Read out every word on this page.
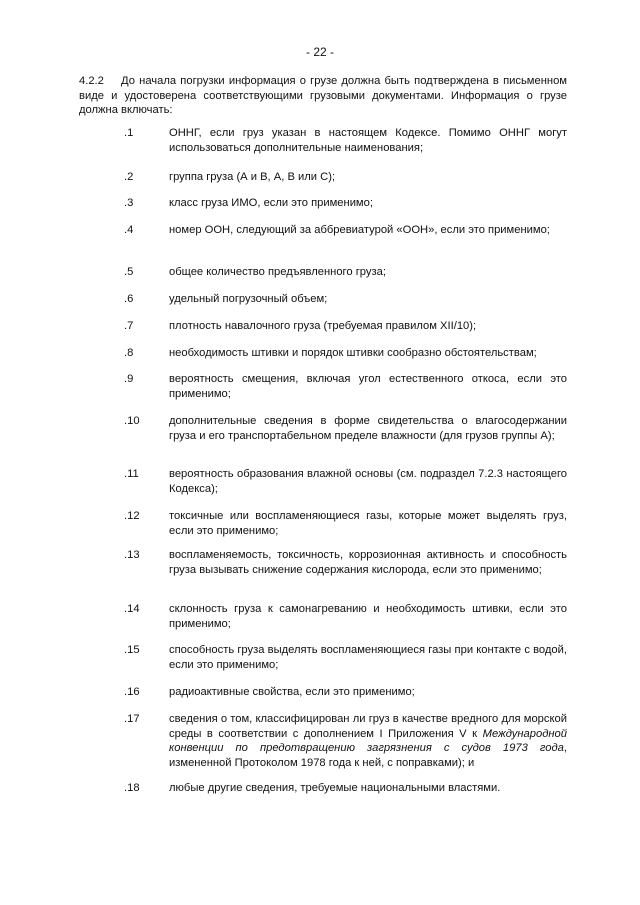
- 22 -
4.2.2 До начала погрузки информация о грузе должна быть подтверждена в письменном виде и удостоверена соответствующими грузовыми документами. Информация о грузе должна включать:
.1	ОННГ, если груз указан в настоящем Кодексе. Помимо ОННГ могут использоваться дополнительные наименования;
.2	группа груза (А и В, А, В или С);
.3	класс груза ИМО, если это применимо;
.4	номер ООН, следующий за аббревиатурой «ООН», если это применимо;
.5	общее количество предъявленного груза;
.6	удельный погрузочный объем;
.7	плотность навалочного груза (требуемая правилом XII/10);
.8	необходимость штивки и порядок штивки сообразно обстоятельствам;
.9	вероятность смещения, включая угол естественного откоса, если это применимо;
.10	дополнительные сведения в форме свидетельства о влагосодержании груза и его транспортабельном пределе влажности (для грузов группы А);
.11	вероятность образования влажной основы (см. подраздел 7.2.3 настоящего Кодекса);
.12	токсичные или воспламеняющиеся газы, которые может выделять груз, если это применимо;
.13	воспламеняемость, токсичность, коррозионная активность и способность груза вызывать снижение содержания кислорода, если это применимо;
.14	склонность груза к самонагреванию и необходимость штивки, если это применимо;
.15	способность груза выделять воспламеняющиеся газы при контакте с водой, если это применимо;
.16	радиоактивные свойства, если это применимо;
.17	сведения о том, классифицирован ли груз в качестве вредного для морской среды в соответствии с дополнением I Приложения V к Международной конвенции по предотвращению загрязнения с судов 1973 года, измененной Протоколом 1978 года к ней, с поправками); и
.18	любые другие сведения, требуемые национальными властями.
